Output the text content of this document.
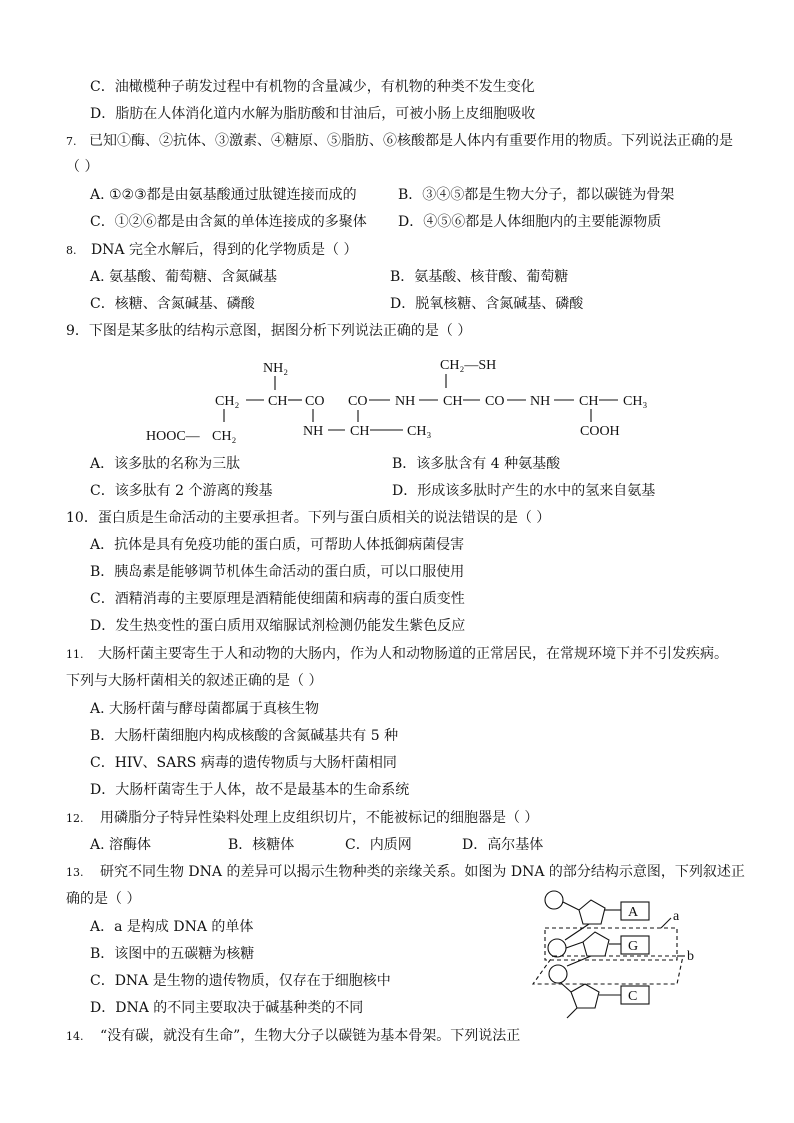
C．油橄榄种子萌发过程中有机物的含量减少，有机物的种类不发生变化
D．脂肪在人体消化道内水解为脂肪酸和甘油后，可被小肠上皮细胞吸收
7. 已知①酶、②抗体、③激素、④糖原、⑤脂肪、⑥核酸都是人体内有重要作用的物质。下列说法正确的是
（ ）
A. ①②③都是由氨基酸通过肽键连接而成的	B．③④⑤都是生物大分子，都以碳链为骨架
C．①②⑥都是由含氮的单体连接成的多聚体 D．④⑤⑥都是人体细胞内的主要能源物质
8. DNA 完全水解后，得到的化学物质是（ ）
A. 氨基酸、葡萄糖、含氮碱基	B．氨基酸、核苷酸、葡萄糖
C．核糖、含氮碱基、磷酸	D．脱氧核糖、含氮碱基、磷酸
9．下图是某多肽的结构示意图，据图分析下列说法正确的是（ ）
NH₂	CH₂—SH
CH₂ CH CO CO NH CH CO NH CH CH₃
NH CH	CH₃
HOOC— CH₂	COOH
A．该多肽的名称为三肽	B．该多肽含有 4 种氨基酸
C．该多肽有 2 个游离的羧基	D．形成该多肽时产生的水中的氢来自氨基
10．蛋白质是生命活动的主要承担者。下列与蛋白质相关的说法错误的是（ ）
A．抗体是具有免疫功能的蛋白质，可帮助人体抵御病菌侵害
B．胰岛素是能够调节机体生命活动的蛋白质，可以口服使用
C．酒精消毒的主要原理是酒精能使细菌和病毒的蛋白质变性
D．发生热变性的蛋白质用双缩脲试剂检测仍能发生紫色反应
11. 大肠杆菌主要寄生于人和动物的大肠内，作为人和动物肠道的正常居民，在常规环境下并不引发疾病。
下列与大肠杆菌相关的叙述正确的是（ ）
A. 大肠杆菌与酵母菌都属于真核生物
B．大肠杆菌细胞内构成核酸的含氮碱基共有 5 种
C．HIV、SARS 病毒的遗传物质与大肠杆菌相同
D．大肠杆菌寄生于人体，故不是最基本的生命系统
12. 用磷脂分子特异性染料处理上皮组织切片，不能被标记的细胞器是（ ）
A. 溶酶体	B．核糖体	C．内质网	D．高尔基体
13. 研究不同生物 DNA 的差异可以揭示生物种类的亲缘关系。如图为 DNA 的部分结构示意图，下列叙述正
确的是（ ）
A．a 是构成 DNA 的单体
B．该图中的五碳糖为核糖
C．DNA 是生物的遗传物质，仅存在于细胞核中
D．DNA 的不同主要取决于碱基种类的不同
A
G
C
a
b
14. “没有碳，就没有生命”，生物大分子以碳链为基本骨架。下列说法正
